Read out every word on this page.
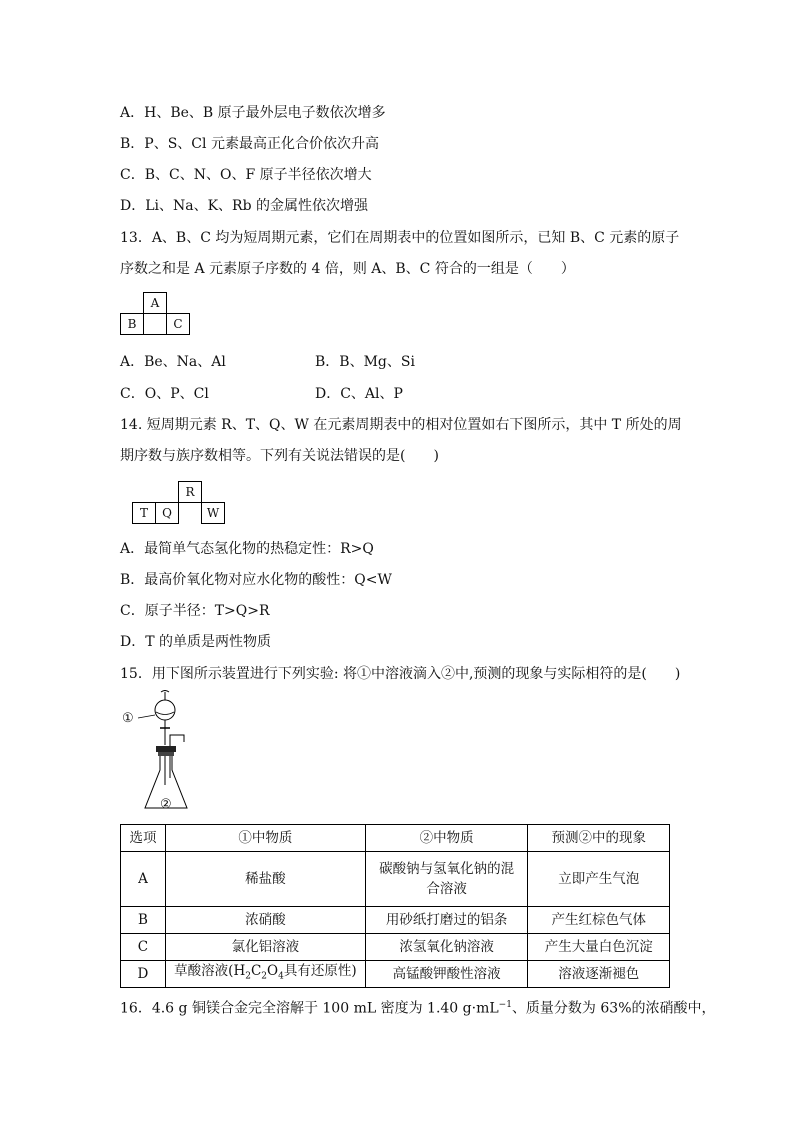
A．H、Be、B 原子最外层电子数依次增多
B．P、S、Cl 元素最高正化合价依次升高
C．B、C、N、O、F 原子半径依次增大
D．Li、Na、K、Rb 的金属性依次增强
13．A、B、C 均为短周期元素，它们在周期表中的位置如图所示，已知 B、C 元素的原子
序数之和是 A 元素原子序数的 4 倍，则 A、B、C 符合的一组是（　　）
	A	
B		C
A．Be、Na、Al	B．B、Mg、Si
C．O、P、Cl	D．C、Al、P
14. 短周期元素 R、T、Q、W 在元素周期表中的相对位置如右下图所示，其中 T 所处的周
期序数与族序数相等。下列有关说法错误的是(　　)
		R	
T	Q		W
A．最简单气态氢化物的热稳定性：R>Q
B．最高价氧化物对应水化物的酸性：Q<W
C．原子半径：T>Q>R
D．T 的单质是两性物质
15．用下图所示装置进行下列实验: 将①中溶液滴入②中,预测的现象与实际相符的是(　　)
①
②
选项	①中物质	②中物质	预测②中的现象
A	稀盐酸	碳酸钠与氢氧化钠的混
合溶液	立即产生气泡
B	浓硝酸	用砂纸打磨过的铝条	产生红棕色气体
C	氯化铝溶液	浓氢氧化钠溶液	产生大量白色沉淀
D	草酸溶液($H_2C_2O_4$具有还原性)	高锰酸钾酸性溶液	溶液逐渐褪色
16．4.6 g 铜镁合金完全溶解于 100 mL 密度为 1.40 $g\cdot mL^{-1}$、质量分数为 63%的浓硝酸中，
